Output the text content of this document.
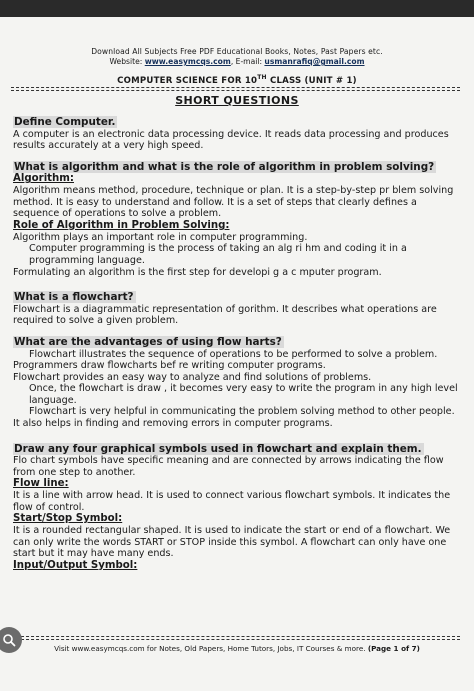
Download All Subjects Free PDF Educational Books, Notes, Past Papers etc.
Website: www.easymcqs.com, E-mail: usmanrafiq@gmail.com
COMPUTER SCIENCE FOR 10TH CLASS (UNIT # 1)
SHORT QUESTIONS
Define Computer.

A computer is an electronic data processing device. It reads data processing and produces results accurately at a very high speed.

What is algorithm and what is the role of algorithm in problem solving?
Algorithm:

Algorithm means method, procedure, technique or plan. It is a step-by-step pr blem solving method. It is easy to understand and follow. It is a set of steps that clearly defines a sequence of operations to solve a problem.

Role of Algorithm in Problem Solving:

Algorithm plays an important role in computer programming.

Computer programming is the process of taking an alg ri hm and coding it in a programming language.

Formulating an algorithm is the first step for developi g a c mputer program.

What is a flowchart?

Flowchart is a diagrammatic representation of gorithm. It describes what operations are required to solve a given problem.

What are the advantages of using flow harts?

Flowchart illustrates the sequence of operations to be performed to solve a problem.

Programmers draw flowcharts bef re writing computer programs.

Flowchart provides an easy way to analyze and find solutions of problems.

Once, the flowchart is draw , it becomes very easy to write the program in any high level language.

Flowchart is very helpful in communicating the problem solving method to other people.

It also helps in finding and removing errors in computer programs.

Draw any four graphical symbols used in flowchart and explain them.

Flo chart symbols have specific meaning and are connected by arrows indicating the flow from one step to another.

Flow line:

It is a line with arrow head. It is used to connect various flowchart symbols. It indicates the flow of control.

Start/Stop Symbol:

It is a rounded rectangular shaped. It is used to indicate the start or end of a flowchart. We can only write the words START or STOP inside this symbol. A flowchart can only have one start but it may have many ends.

Input/Output Symbol:
Visit www.easymcqs.com for Notes, Old Papers, Home Tutors, Jobs, IT Courses & more. (Page 1 of 7)
